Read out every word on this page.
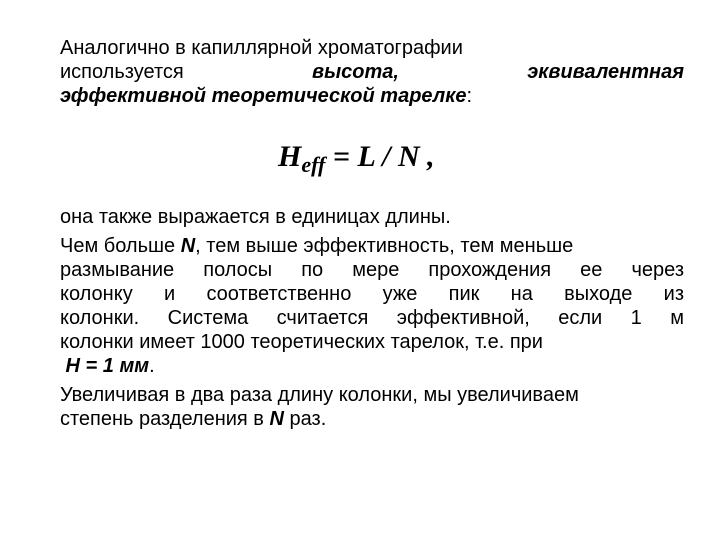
Аналогично в капиллярной хроматографии
используется	высота,	эквивалентная
эффективной теоретической тарелке:
$H_{eff} = L / N$ ,
она также выражается в единицах длины.
Чем больше N, тем выше эффективность, тем меньше
размывание полосы по мере прохождения ее через
колонку и соответственно уже пик на выходе из
колонки. Система считается эффективной, если 1 м
колонки имеет 1000 теоретических тарелок, т.е. при
Н = 1 мм.
Увеличивая в два раза длину колонки, мы увеличиваем
степень разделения в N раз.
